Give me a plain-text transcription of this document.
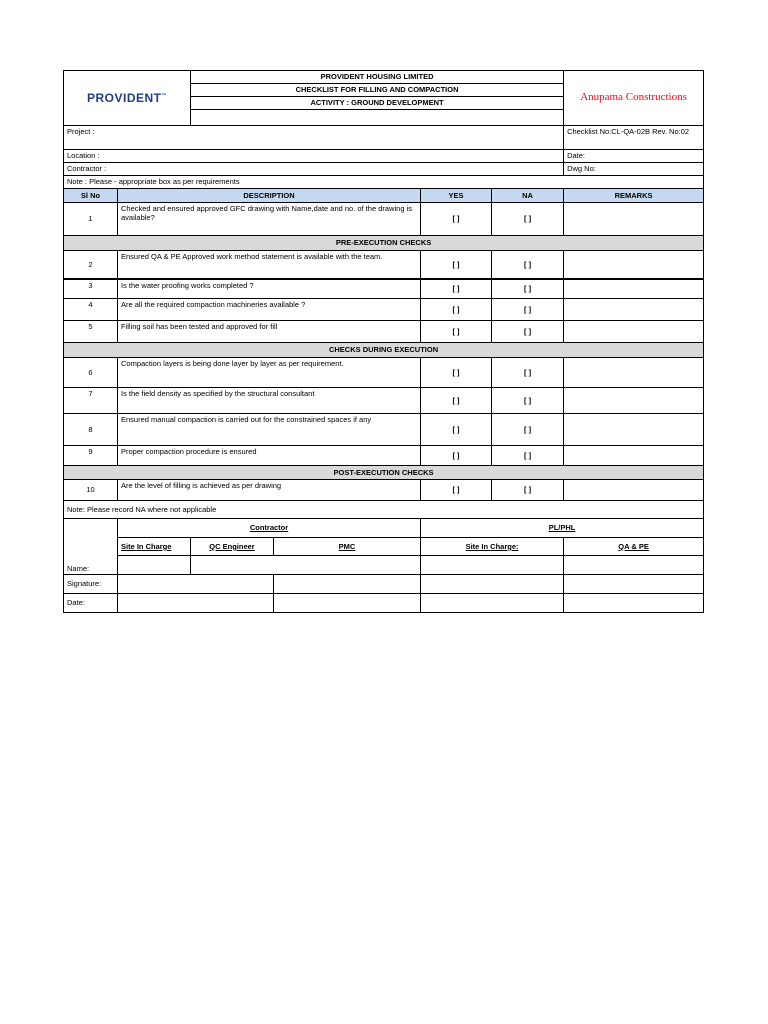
PROVIDENT™		PROVIDENT HOUSING LIMITED				Anupama Constructions
		CHECKLIST FOR FILLING AND COMPACTION				
		ACTIVITY : GROUND DEVELOPMENT				

Project :						Checklist No:CL-QA-02B Rev. No:02
Location :						Date:
Contractor :						Dwg No:
Note : Please - appropriate box as per requirements						
Sl No	DESCRIPTION			YES	NA	REMARKS
1	Checked and ensured approved GFC drawing with Name,date and no. of the drawing is available?			[ ]	[ ]	
PRE-EXECUTION CHECKS						
2	Ensured QA & PE Approved work method statement is available with the team.			[ ]	[ ]	
3	Is the water proofing works completed ?			[ ]	[ ]	
4	Are all the required compaction machineries available ?			[ ]	[ ]	
5	Filling soil has been tested and approved for fill			[ ]	[ ]	
CHECKS DURING EXECUTION						
6	Compaction layers is being done layer by layer as per requirement.			[ ]	[ ]	
7	Is the field density as specified by the structural consultant			[ ]	[ ]	
8	Ensured manual compaction is carried out for the constrained spaces if any			[ ]	[ ]	
9	Proper compaction procedure is ensured			[ ]	[ ]	
POST-EXECUTION CHECKS						
10	Are the level of filling is achieved as per drawing			[ ]	[ ]	
Note: Please record NA where not applicable						
Name:	Contractor			PL/PHL		
	Site In Charge	QC Engineer	PMC	Site In Charge:		QA & PE

Signature:						
Date:						
